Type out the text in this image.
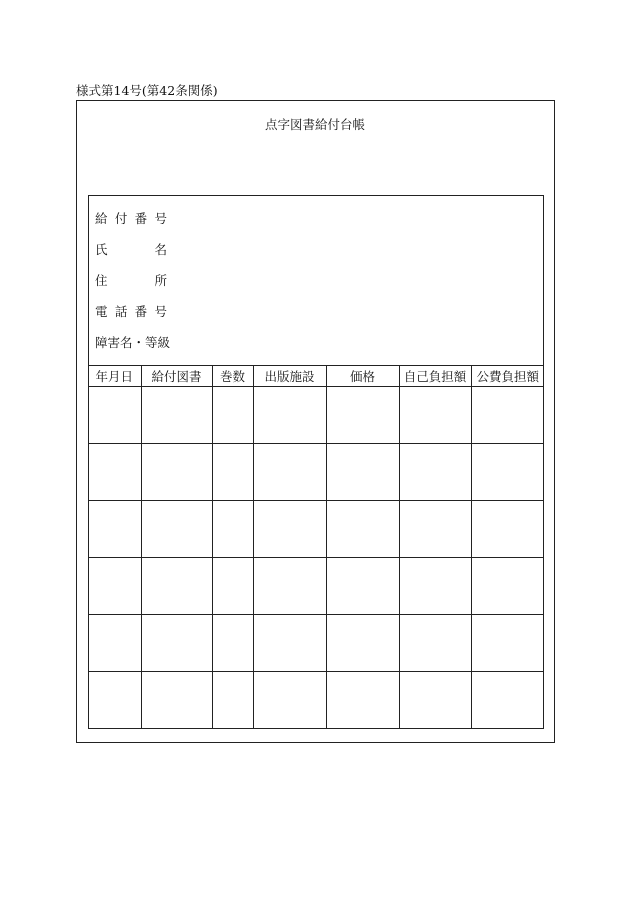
様式第14号(第42条関係)
点字図書給付台帳
給 付 番 号
氏	名
住	所
電 話 番 号
障害名・等級
年月日	給付図書	巻数	出版施設	価格	自己負担額	公費負担額
